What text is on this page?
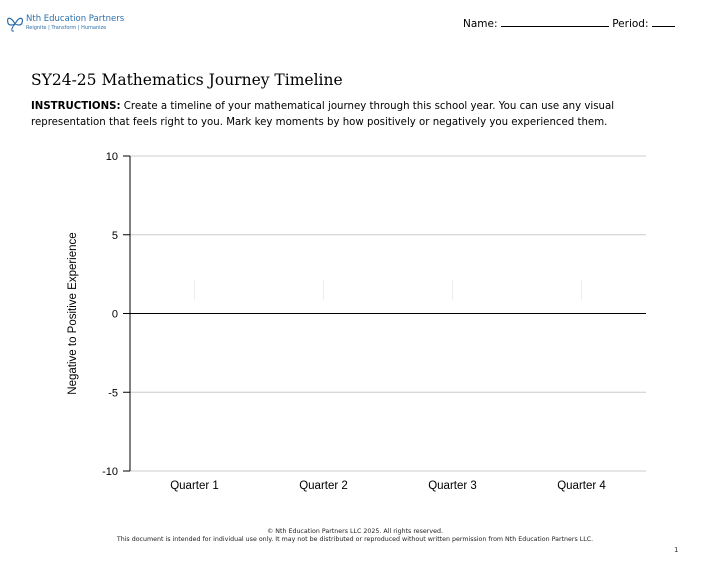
Nth Education Partners
Reignite | Transform | Humanize	Name:	Period:
SY24-25 Mathematics Journey Timeline
INSTRUCTIONS: Create a timeline of your mathematical journey through this school year. You can use any visual representation that feels right to you. Mark key moments by how positively or negatively you experienced them.
10
5
0
-5
-10
Quarter 1	Quarter 2	Quarter 3	Quarter 4
Negative to Positive Experience
© Nth Education Partners LLC 2025. All rights reserved.
This document is intended for individual use only. It may not be distributed or reproduced without written permission from Nth Education Partners LLC.
1
